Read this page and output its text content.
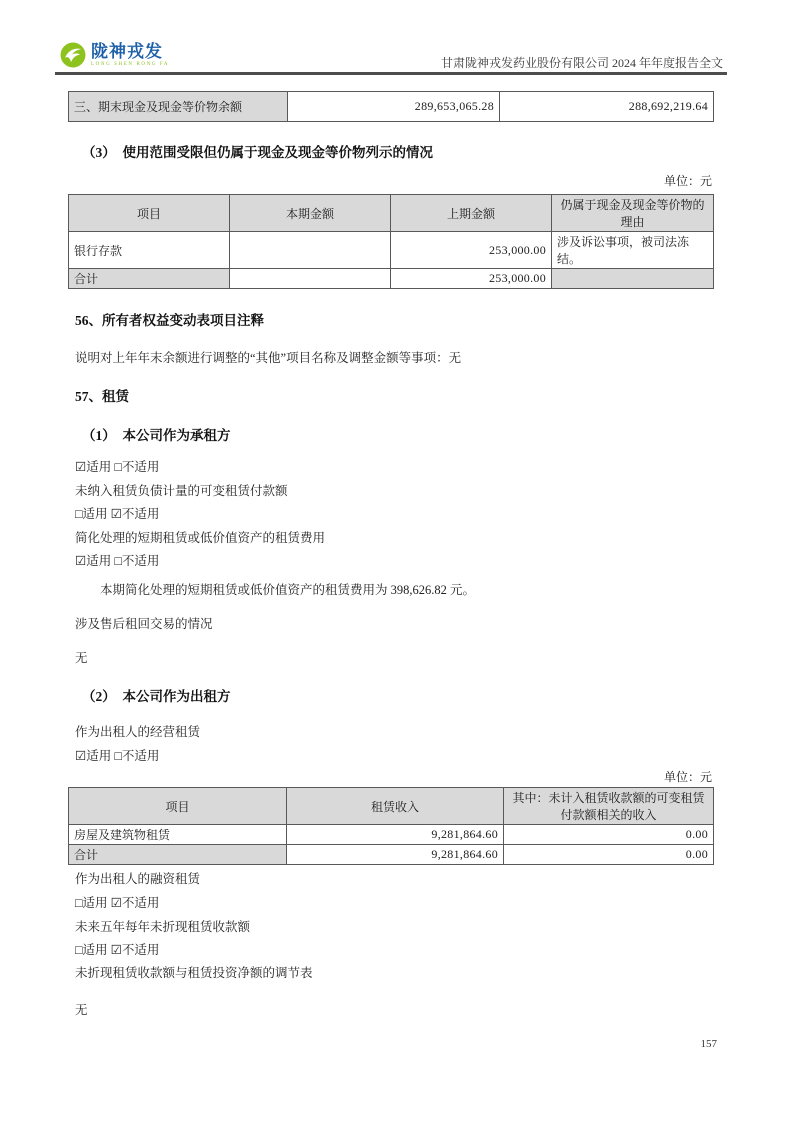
陇神戎发
LONG SHEN RONG FA	甘肃陇神戎发药业股份有限公司 2024 年年度报告全文
三、期末现金及现金等价物余额	289,653,065.28	288,692,219.64
（3）  使用范围受限但仍属于现金及现金等价物列示的情况
单位：元
项目	本期金额	上期金额	仍属于现金及现金等价物的理由
银行存款		253,000.00	涉及诉讼事项，被司法冻结。
合计		253,000.00	
56、所有者权益变动表项目注释
说明对上年年末余额进行调整的“其他”项目名称及调整金额等事项：无
57、租赁
（1）  本公司作为承租方
☑适用 □不适用
未纳入租赁负债计量的可变租赁付款额
□适用 ☑不适用
简化处理的短期租赁或低价值资产的租赁费用
☑适用 □不适用
本期简化处理的短期租赁或低价值资产的租赁费用为 398,626.82 元。
涉及售后租回交易的情况
无
（2）  本公司作为出租方
作为出租人的经营租赁
☑适用 □不适用
单位：元
项目	租赁收入	其中：未计入租赁收款额的可变租赁付款额相关的收入
房屋及建筑物租赁	9,281,864.60	0.00
合计	9,281,864.60	0.00
作为出租人的融资租赁
□适用 ☑不适用
未来五年每年未折现租赁收款额
□适用 ☑不适用
未折现租赁收款额与租赁投资净额的调节表
无
157
